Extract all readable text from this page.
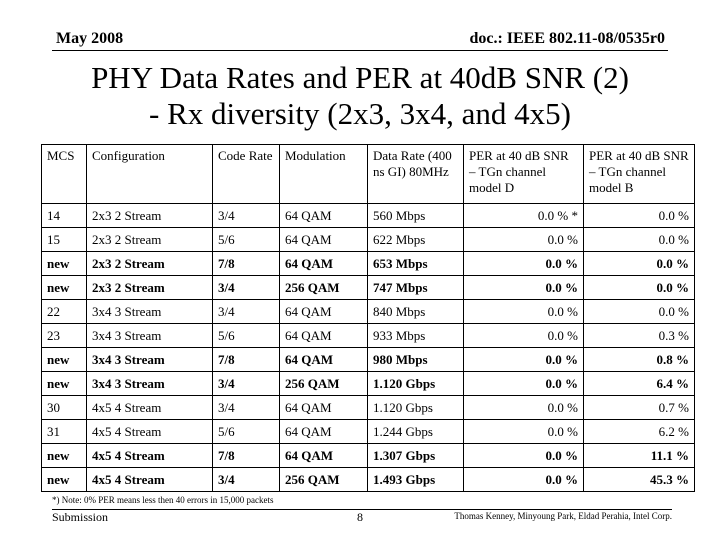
May 2008	doc.: IEEE 802.11-08/0535r0
PHY Data Rates and PER at 40dB SNR (2)
- Rx diversity (2x3, 3x4, and 4x5)
MCS	Configuration	Code Rate	Modulation	Data Rate (400 ns GI) 80MHz	PER at 40 dB SNR – TGn channel model D	PER at 40 dB SNR – TGn channel model B
14	2x3 2 Stream	3/4	64 QAM	560 Mbps	0.0 % *	0.0 %
15	2x3 2 Stream	5/6	64 QAM	622 Mbps	0.0 %	0.0 %
new	2x3 2 Stream	7/8	64 QAM	653 Mbps	0.0 %	0.0 %
new	2x3 2 Stream	3/4	256 QAM	747 Mbps	0.0 %	0.0 %
22	3x4 3 Stream	3/4	64 QAM	840 Mbps	0.0 %	0.0 %
23	3x4 3 Stream	5/6	64 QAM	933 Mbps	0.0 %	0.3 %
new	3x4 3 Stream	7/8	64 QAM	980 Mbps	0.0 %	0.8 %
new	3x4 3 Stream	3/4	256 QAM	1.120 Gbps	0.0 %	6.4 %
30	4x5 4 Stream	3/4	64 QAM	1.120 Gbps	0.0 %	0.7 %
31	4x5 4 Stream	5/6	64 QAM	1.244 Gbps	0.0 %	6.2 %
new	4x5 4 Stream	7/8	64 QAM	1.307 Gbps	0.0 %	11.1 %
new	4x5 4 Stream	3/4	256 QAM	1.493 Gbps	0.0 %	45.3 %
*) Note: 0% PER means less then 40 errors in 15,000 packets
Submission	8	Thomas Kenney, Minyoung Park, Eldad Perahia, Intel Corp.
